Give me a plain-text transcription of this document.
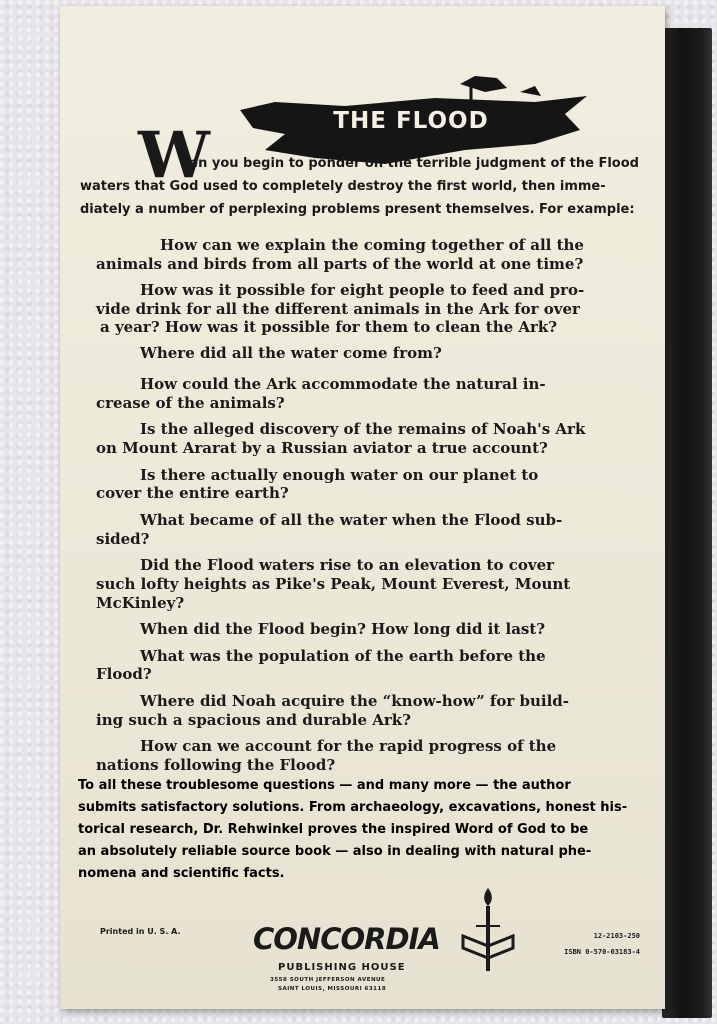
THE FLOOD
W
hen you begin to ponder on the terrible judgment of the Flood
waters that God used to completely destroy the first world, then imme-
diately a number of perplexing problems present themselves. For example:
How can we explain the coming together of all the
animals and birds from all parts of the world at one time?
How was it possible for eight people to feed and pro-
vide drink for all the different animals in the Ark for over
a year? How was it possible for them to clean the Ark?
Where did all the water come from?
How could the Ark accommodate the natural in-
crease of the animals?
Is the alleged discovery of the remains of Noah's Ark
on Mount Ararat by a Russian aviator a true account?
Is there actually enough water on our planet to
cover the entire earth?
What became of all the water when the Flood sub-
sided?
Did the Flood waters rise to an elevation to cover
such lofty heights as Pike's Peak, Mount Everest, Mount
McKinley?
When did the Flood begin? How long did it last?
What was the population of the earth before the
Flood?
Where did Noah acquire the “know-how” for build-
ing such a spacious and durable Ark?
How can we account for the rapid progress of the
nations following the Flood?
Printed in U. S. A. CONCORDIA
PUBLISHING HOUSE
3558 SOUTH JEFFERSON AVENUE
SAINT LOUIS, MISSOURI 63118
12-2103-250
ISBN 0-570-03183-4
To all these troublesome questions — and many more — the author
submits satisfactory solutions. From archaeology, excavations, honest his-
torical research, Dr. Rehwinkel proves the inspired Word of God to be
an absolutely reliable source book — also in dealing with natural phe-
nomena and scientific facts.
